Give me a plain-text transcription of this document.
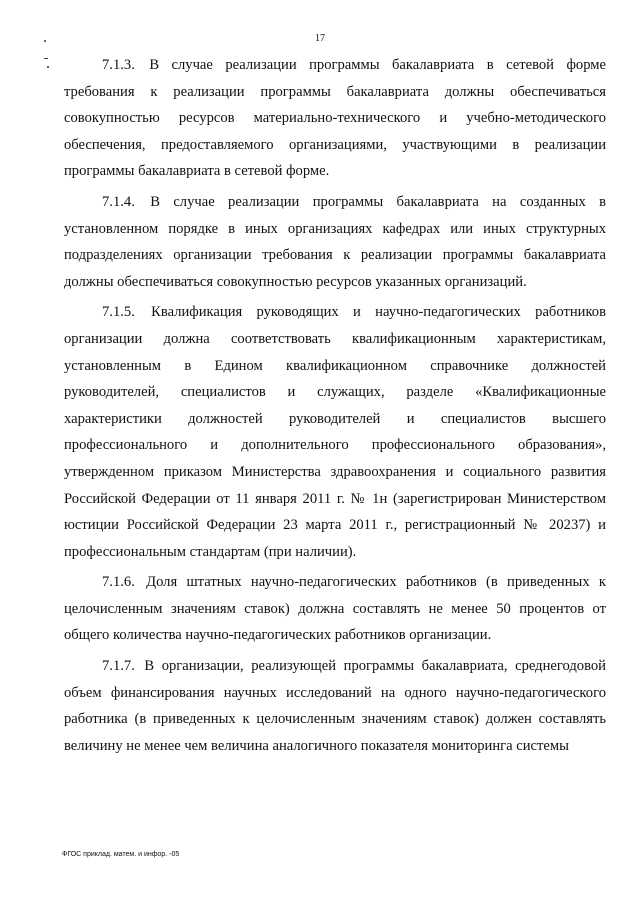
17

7.1.3. В случае реализации программы бакалавриата в сетевой форме требования к реализации программы бакалавриата должны обеспечиваться совокупностью ресурсов материально-технического и учебно-методического обеспечения, предоставляемого организациями, участвующими в реализации программы бакалавриата в сетевой форме.

7.1.4. В случае реализации программы бакалавриата на созданных в установленном порядке в иных организациях кафедрах или иных структурных подразделениях организации требования к реализации программы бакалавриата должны обеспечиваться совокупностью ресурсов указанных организаций.

7.1.5. Квалификация руководящих и научно-педагогических работников организации должна соответствовать квалификационным характеристикам, установленным в Едином квалификационном справочнике должностей руководителей, специалистов и служащих, разделе «Квалификационные характеристики должностей руководителей и специалистов высшего профессионального и дополнительного профессионального образования», утвержденном приказом Министерства здравоохранения и социального развития Российской Федерации от 11 января 2011 г. № 1н (зарегистрирован Министерством юстиции Российской Федерации 23 марта 2011 г., регистрационный № 20237) и профессиональным стандартам (при наличии).

7.1.6. Доля штатных научно-педагогических работников (в приведенных к целочисленным значениям ставок) должна составлять не менее 50 процентов от общего количества научно-педагогических работников организации.

7.1.7. В организации, реализующей программы бакалавриата, среднегодовой объем финансирования научных исследований на одного научно-педагогического работника (в приведенных к целочисленным значениям ставок) должен составлять величину не менее чем величина аналогичного показателя мониторинга системы

ФГОС приклад. матем. и инфор. -05
